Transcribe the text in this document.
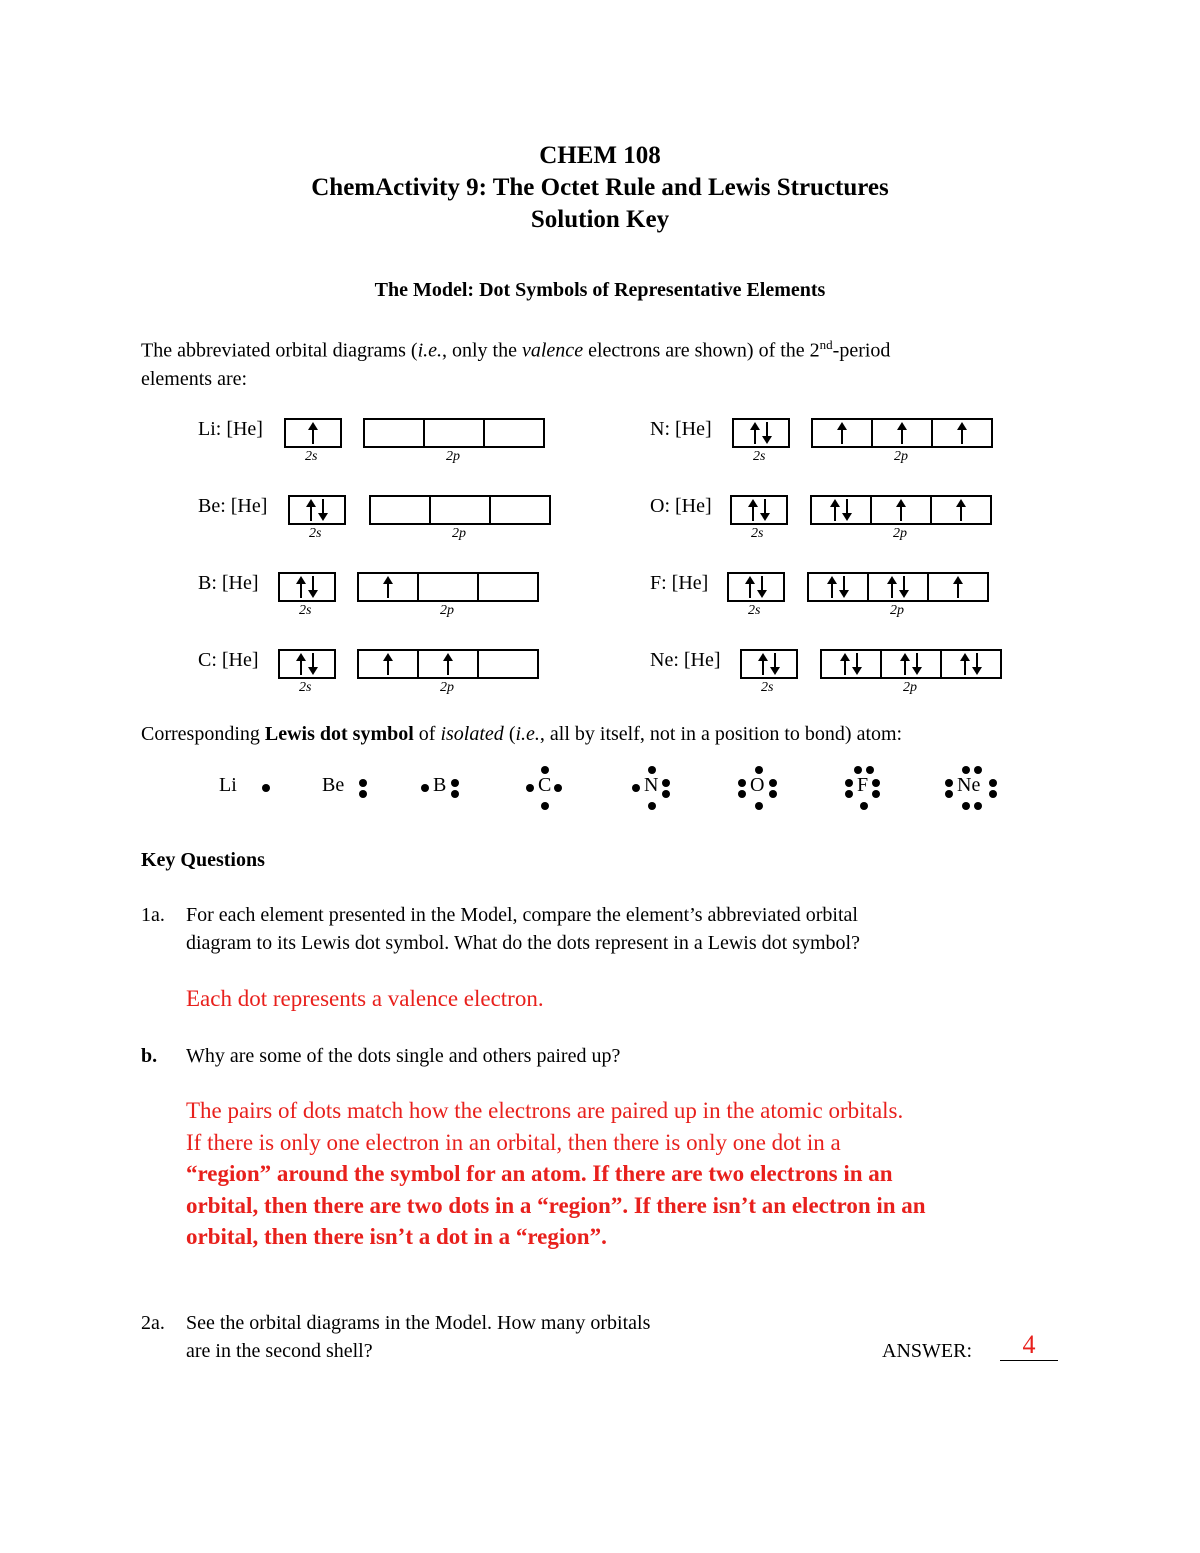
CHEM 108
ChemActivity 9: The Octet Rule and Lewis Structures
Solution Key
The Model: Dot Symbols of Representative Elements
The abbreviated orbital diagrams (i.e., only the valence electrons are shown) of the 2nd-period
elements are:
Li: [He]
2s	2p
Be: [He]
2s	2p
B: [He]
2s	2p
C: [He]
2s	2p
N: [He]
2s	2p
O: [He]
2s	2p
F: [He]
2s	2p
Ne: [He]
2s	2p
Corresponding Lewis dot symbol of isolated (i.e., all by itself, not in a position to bond) atom:
Li	Be	B	C	N	O	F	Ne
Key Questions
1a. For each element presented in the Model, compare the element’s abbreviated orbital
diagram to its Lewis dot symbol. What do the dots represent in a Lewis dot symbol?
Each dot represents a valence electron.
b. Why are some of the dots single and others paired up?
The pairs of dots match how the electrons are paired up in the atomic orbitals.
If there is only one electron in an orbital, then there is only one dot in a
“region” around the symbol for an atom. If there are two electrons in an
orbital, then there are two dots in a “region”. If there isn’t an electron in an
orbital, then there isn’t a dot in a “region”.
2a. See the orbital diagrams in the Model. How many orbitals
are in the second shell?	ANSWER:	4
